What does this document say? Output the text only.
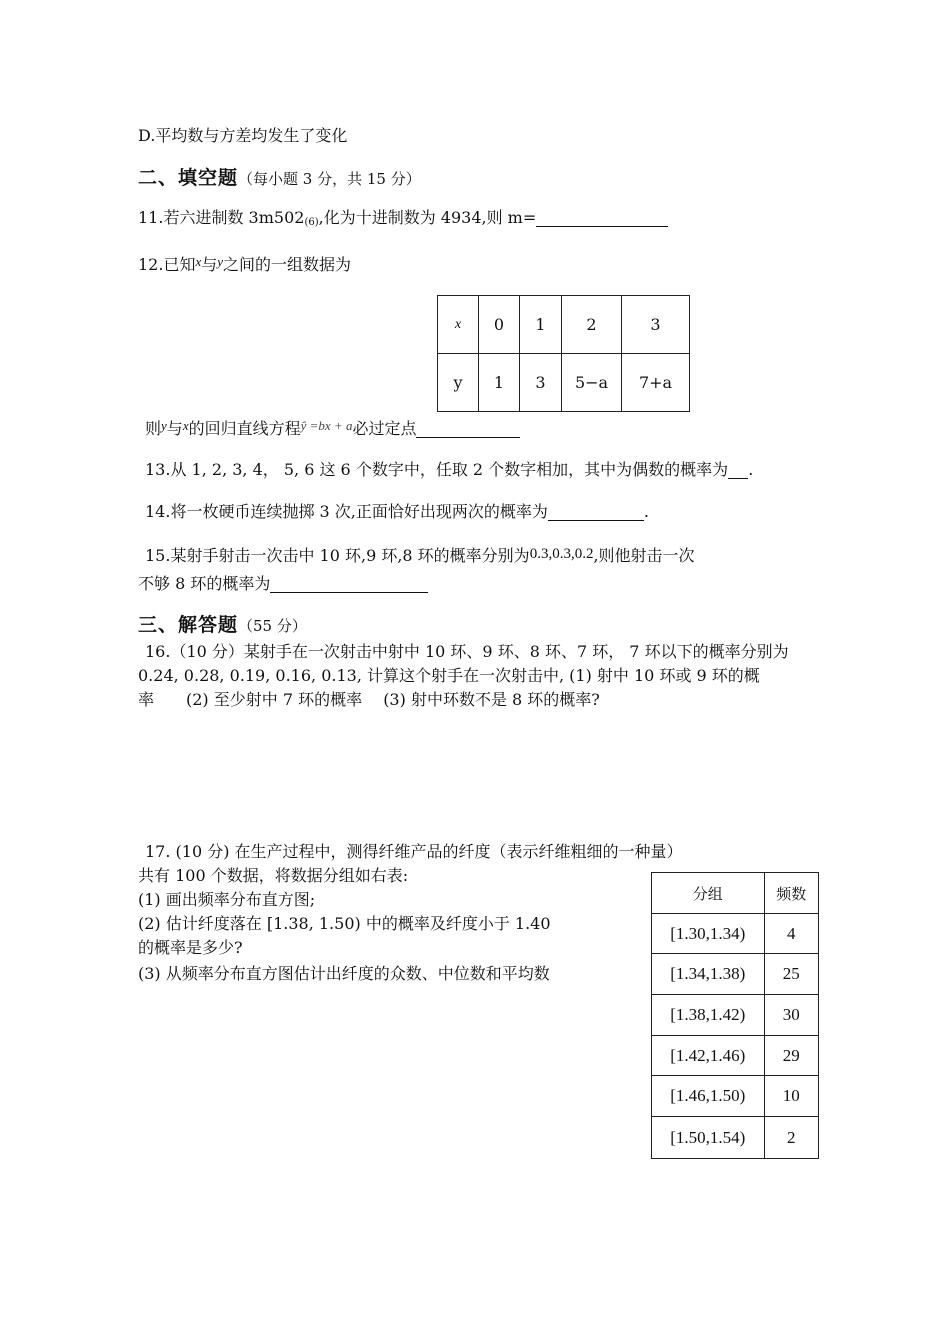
D.平均数与方差均发生了变化
二、填空题（每小题 3 分，共 15 分）
11.若六进制数 $3m502_{(6)}$,化为十进制数为 4934,则 m=
12.已知$^x$与$^y$之间的一组数据为
x	0	1	2	3
y	1	3	5−a	7+a
则$^y$与$^x$的回归直线方程$^{ŷ =bx + a}$必过定点
13.从 1, 2, 3, 4， 5, 6 这 6 个数字中，任取 2 个数字相加，其中为偶数的概率为 .
14.将一枚硬币连续抛掷 3 次,正面恰好出现两次的概率为	.
15.某射手射击一次击中 10 环,9 环,8 环的概率分别为0.3,0.3,0.2,则他射击一次
不够 8 环的概率为
三、解答题（55 分）
16.（10 分）某射手在一次射击中射中 10 环、9 环、8 环、7 环， 7 环以下的概率分别为
0.24, 0.28, 0.19, 0.16, 0.13, 计算这个射手在一次射击中, (1) 射中 10 环或 9 环的概
率　　(2) 至少射中 7 环的概率　 (3) 射中环数不是 8 环的概率?
17. (10 分) 在生产过程中，测得纤维产品的纤度（表示纤维粗细的一种量）
共有 100 个数据，将数据分组如右表:
(1) 画出频率分布直方图;
(2) 估计纤度落在 [1.38, 1.50) 中的概率及纤度小于 1.40
的概率是多少?
(3) 从频率分布直方图估计出纤度的众数、中位数和平均数
分组	频数
[1.30,1.34)	4
[1.34,1.38)	25
[1.38,1.42)	30
[1.42,1.46)	29
[1.46,1.50)	10
[1.50,1.54)	2
